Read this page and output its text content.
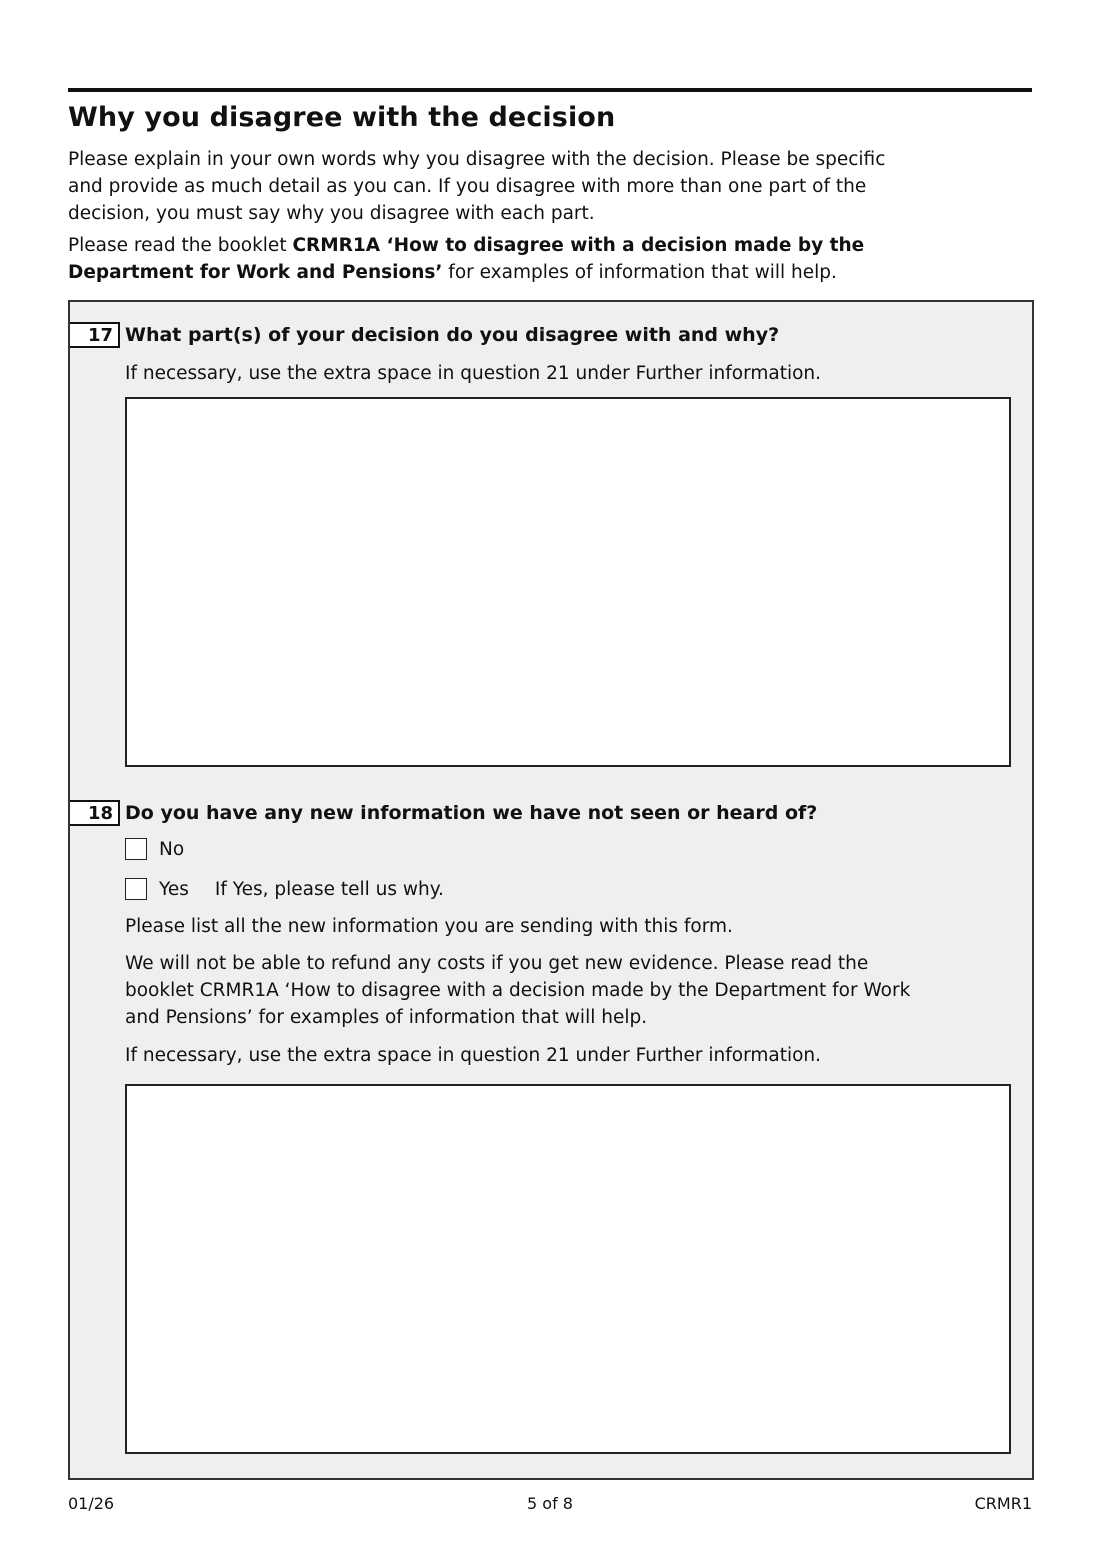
Why you disagree with the decision

Please explain in your own words why you disagree with the decision. Please be specific and provide as much detail as you can. If you disagree with more than one part of the decision, you must say why you disagree with each part.

Please read the booklet CRMR1A ‘How to disagree with a decision made by the Department for Work and Pensions’ for examples of information that will help.

17 What part(s) of your decision do you disagree with and why?

If necessary, use the extra space in question 21 under Further information.

18 Do you have any new information we have not seen or heard of?

No
Yes If Yes, please tell us why.

Please list all the new information you are sending with this form.

We will not be able to refund any costs if you get new evidence. Please read the booklet CRMR1A ‘How to disagree with a decision made by the Department for Work and Pensions’ for examples of information that will help.

If necessary, use the extra space in question 21 under Further information.

01/26	5 of 8	CRMR1
